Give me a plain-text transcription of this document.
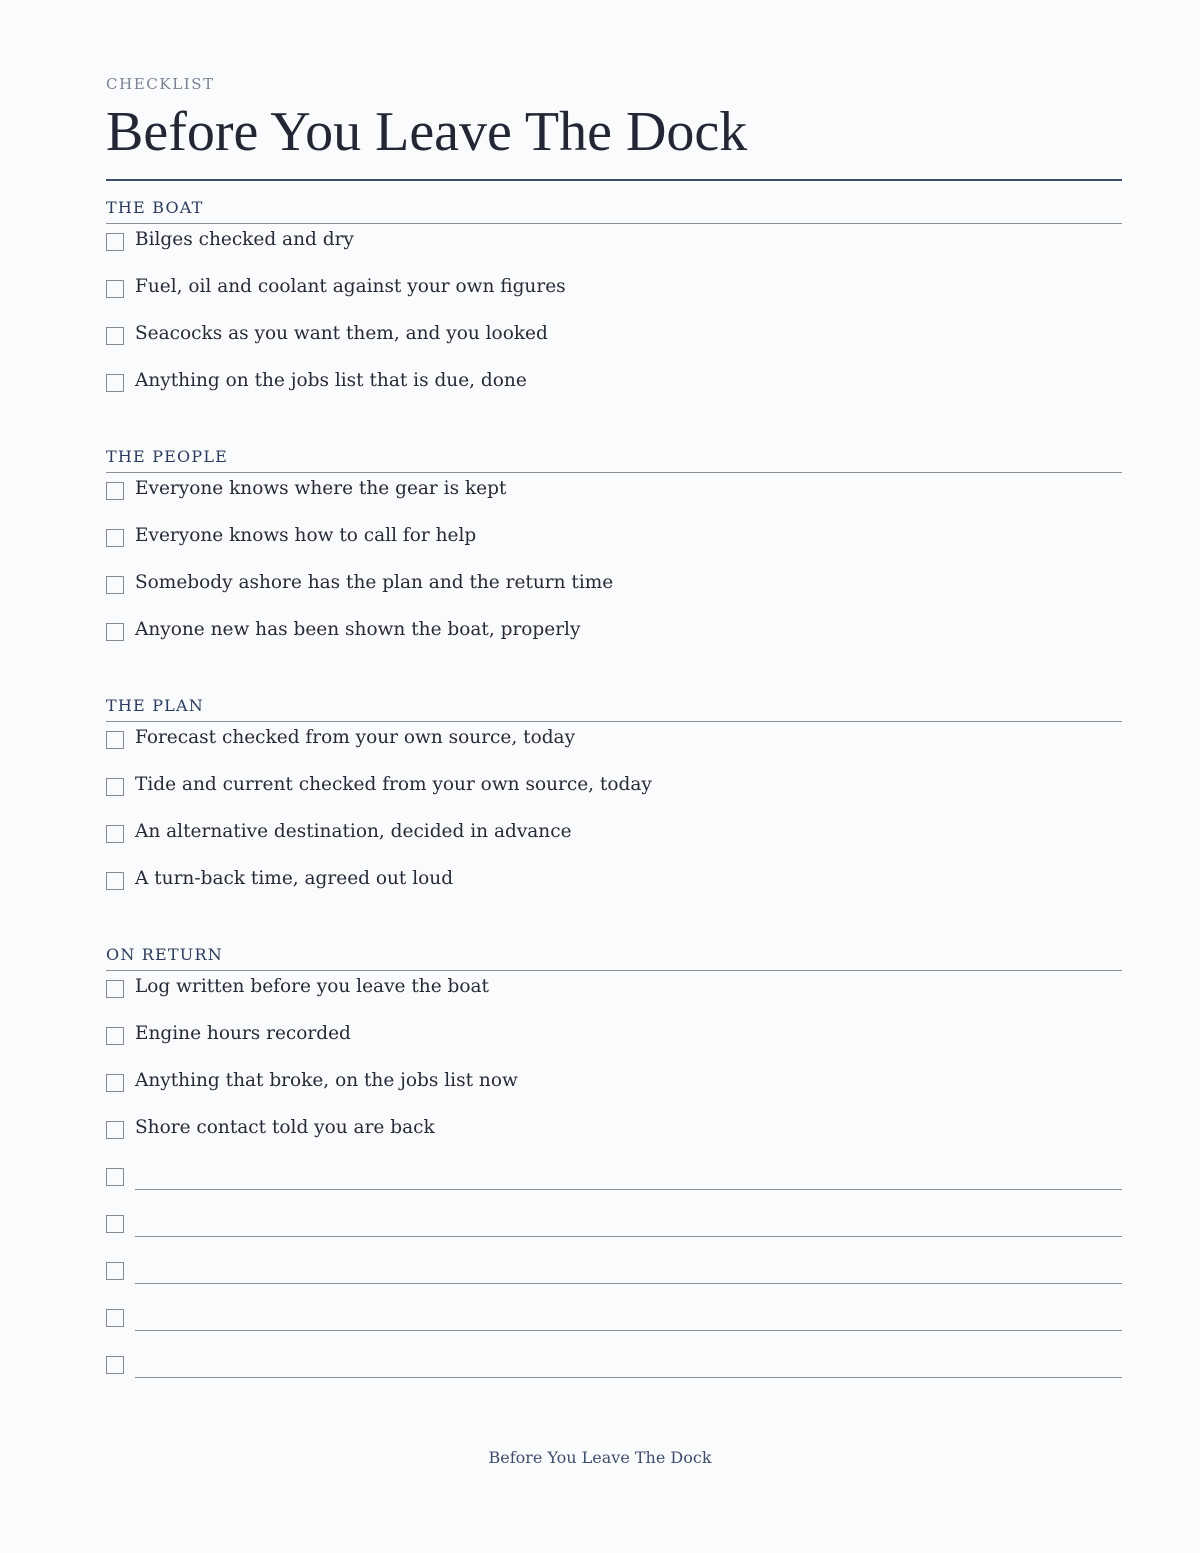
CHECKLIST
Before You Leave The Dock
THE BOAT
Bilges checked and dry
Fuel, oil and coolant against your own figures
Seacocks as you want them, and you looked
Anything on the jobs list that is due, done
THE PEOPLE
Everyone knows where the gear is kept
Everyone knows how to call for help
Somebody ashore has the plan and the return time
Anyone new has been shown the boat, properly
THE PLAN
Forecast checked from your own source, today
Tide and current checked from your own source, today
An alternative destination, decided in advance
A turn-back time, agreed out loud
ON RETURN
Log written before you leave the boat
Engine hours recorded
Anything that broke, on the jobs list now
Shore contact told you are back
Before You Leave The Dock
